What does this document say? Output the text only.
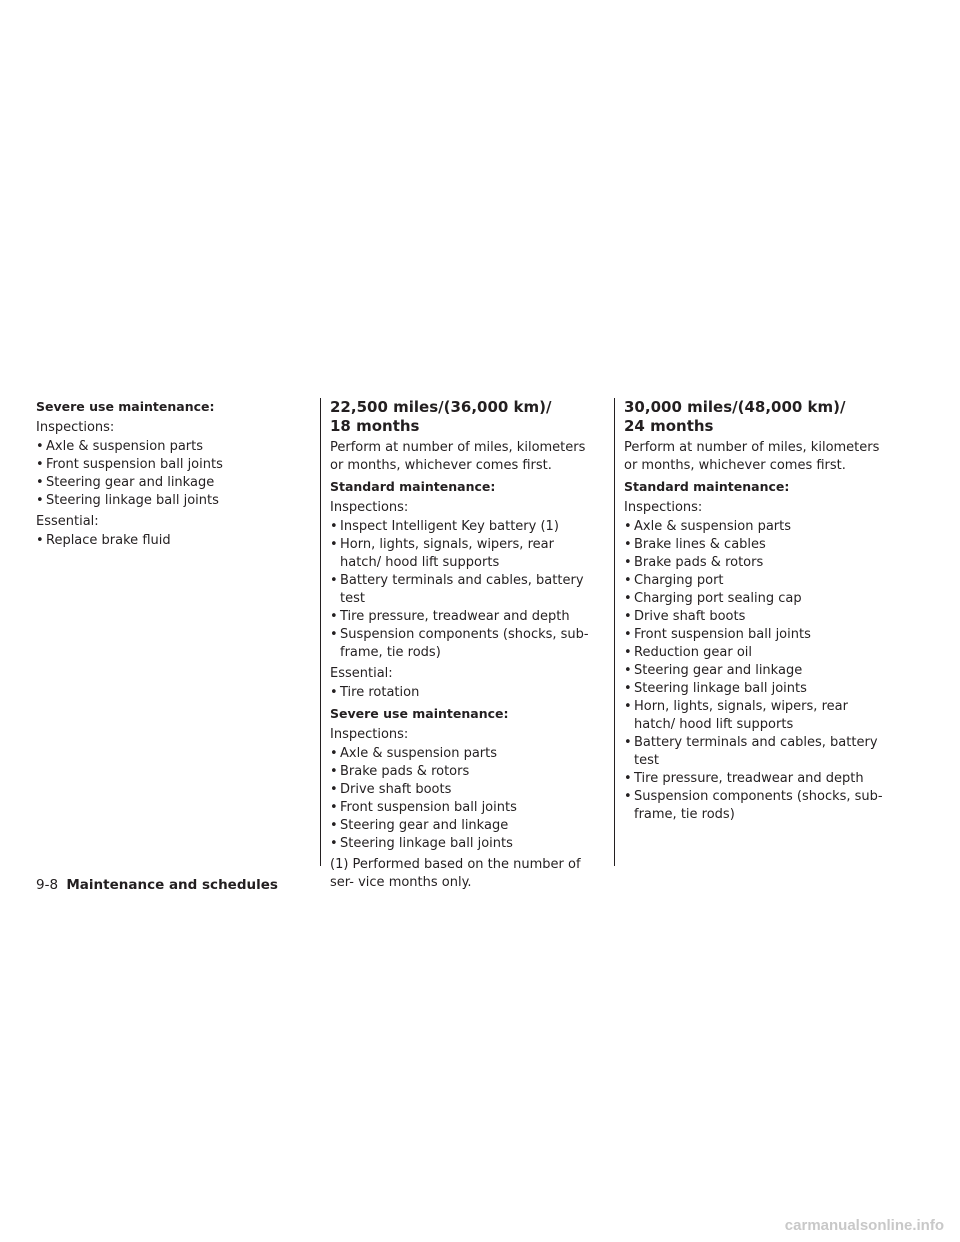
Severe use maintenance:
Inspections:
• Axle & suspension parts
• Front suspension ball joints
• Steering gear and linkage
• Steering linkage ball joints
Essential:
• Replace brake fluid
22,500 miles/(36,000 km)/
18 months
Perform at number of miles, kilometers or months, whichever comes first.
Standard maintenance:
Inspections:
• Inspect Intelligent Key battery (1)
• Horn, lights, signals, wipers, rear hatch/ hood lift supports
• Battery terminals and cables, battery test
• Tire pressure, treadwear and depth
• Suspension components (shocks, sub- frame, tie rods)
Essential:
• Tire rotation
Severe use maintenance:
Inspections:
• Axle & suspension parts
• Brake pads & rotors
• Drive shaft boots
• Front suspension ball joints
• Steering gear and linkage
• Steering linkage ball joints
(1) Performed based on the number of ser- vice months only.
30,000 miles/(48,000 km)/
24 months
Perform at number of miles, kilometers or months, whichever comes first.
Standard maintenance:
Inspections:
• Axle & suspension parts
• Brake lines & cables
• Brake pads & rotors
• Charging port
• Charging port sealing cap
• Drive shaft boots
• Front suspension ball joints
• Reduction gear oil
• Steering gear and linkage
• Steering linkage ball joints
• Horn, lights, signals, wipers, rear hatch/ hood lift supports
• Battery terminals and cables, battery test
• Tire pressure, treadwear and depth
• Suspension components (shocks, sub- frame, tie rods)
9-8 Maintenance and schedules
carmanualsonline.info
